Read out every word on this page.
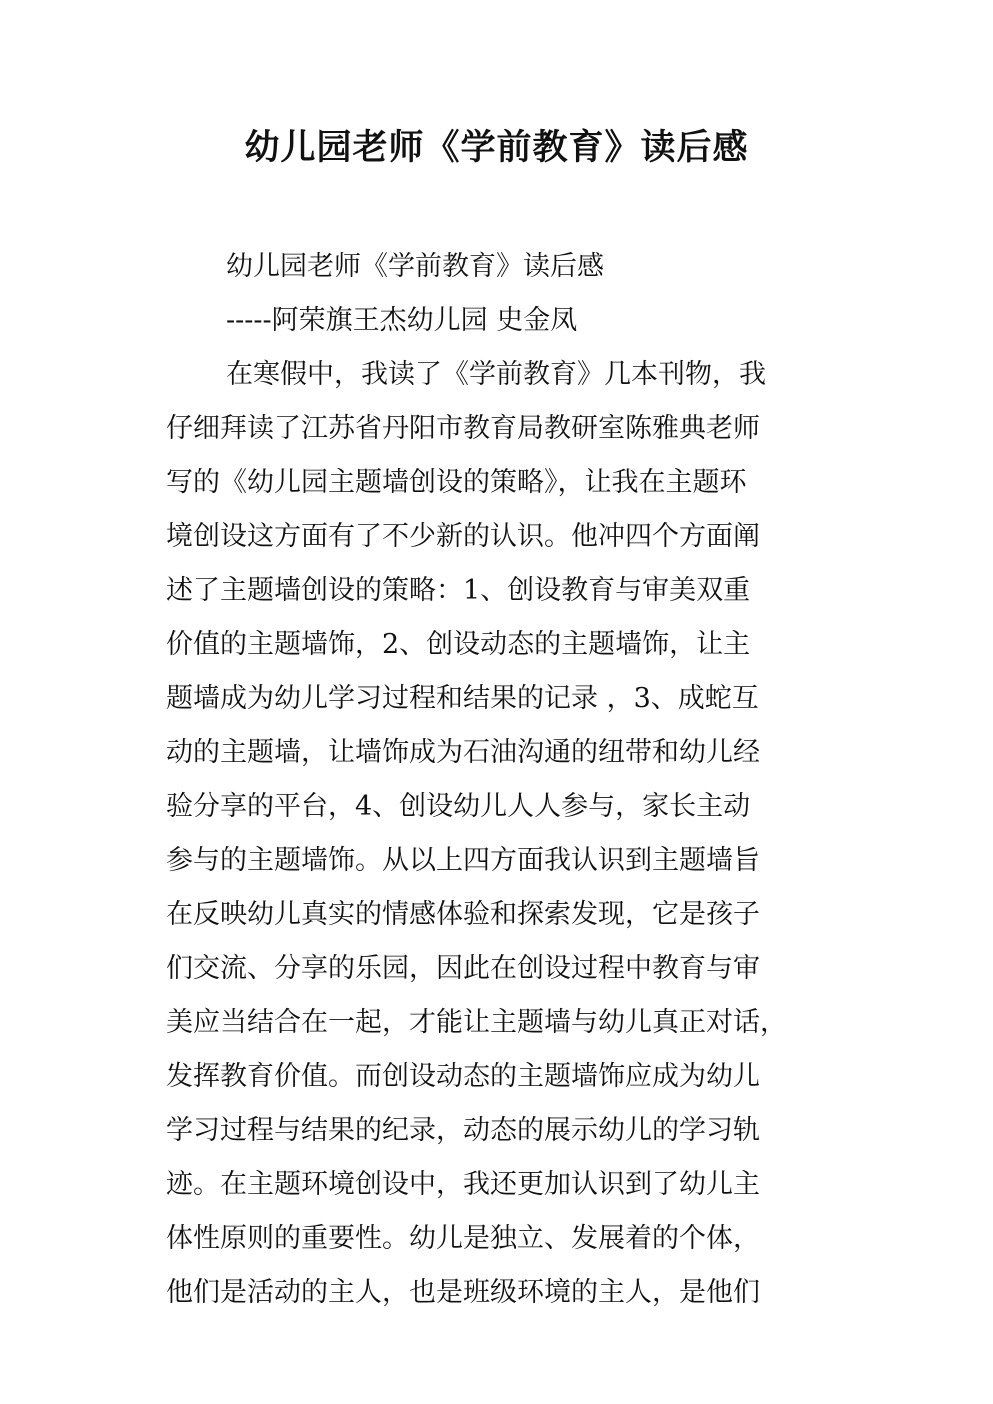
幼儿园老师《学前教育》读后感
幼儿园老师《学前教育》读后感
-----阿荣旗王杰幼儿园 史金凤
在寒假中，我读了《学前教育》几本刊物，我
仔细拜读了江苏省丹阳市教育局教研室陈雅典老师
写的《幼儿园主题墙创设的策略》，让我在主题环
境创设这方面有了不少新的认识。他冲四个方面阐
述了主题墙创设的策略：1、创设教育与审美双重
价值的主题墙饰，2、创设动态的主题墙饰，让主
题墙成为幼儿学习过程和结果的记录 ，3、成蛇互
动的主题墙，让墙饰成为石油沟通的纽带和幼儿经
验分享的平台，4、创设幼儿人人参与，家长主动
参与的主题墙饰。从以上四方面我认识到主题墙旨
在反映幼儿真实的情感体验和探索发现，它是孩子
们交流、分享的乐园，因此在创设过程中教育与审
美应当结合在一起，才能让主题墙与幼儿真正对话，
发挥教育价值。而创设动态的主题墙饰应成为幼儿
学习过程与结果的纪录，动态的展示幼儿的学习轨
迹。在主题环境创设中，我还更加认识到了幼儿主
体性原则的重要性。幼儿是独立、发展着的个体，
他们是活动的主人，也是班级环境的主人，是他们
